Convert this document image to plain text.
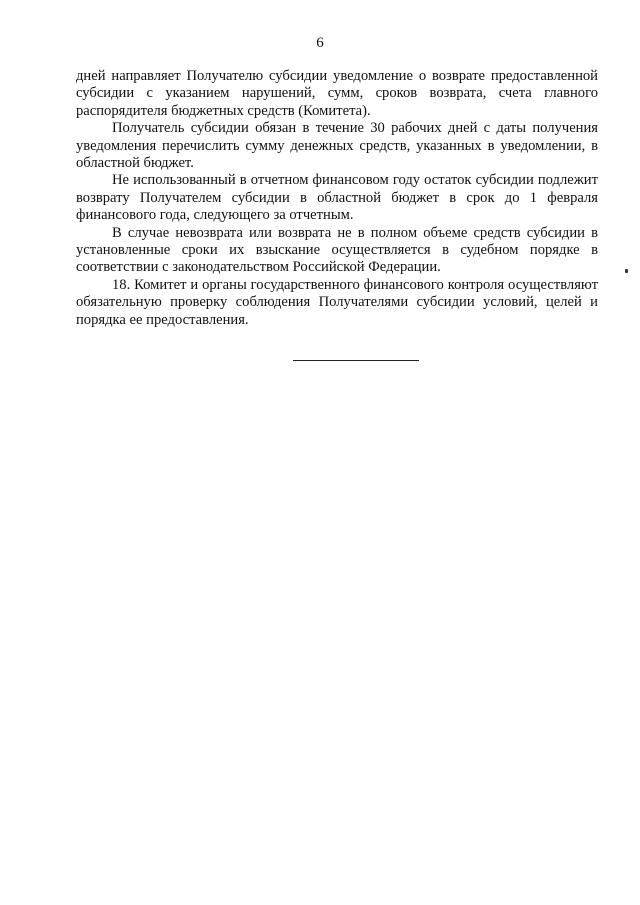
6

дней направляет Получателю субсидии уведомление о возврате предоставленной субсидии с указанием нарушений, сумм, сроков возврата, счета главного распорядителя бюджетных средств (Комитета).

Получатель субсидии обязан в течение 30 рабочих дней с даты получения уведомления перечислить сумму денежных средств, указанных в уведомлении, в областной бюджет.

Не использованный в отчетном финансовом году остаток субсидии подлежит возврату Получателем субсидии в областной бюджет в срок до 1 февраля финансового года, следующего за отчетным.

В случае невозврата или возврата не в полном объеме средств субсидии в установленные сроки их взыскание осуществляется в судебном порядке в соответствии с законодательством Российской Федерации.

18. Комитет и органы государственного финансового контроля осуществляют обязательную проверку соблюдения Получателями субсидии условий, целей и порядка ее предоставления.
